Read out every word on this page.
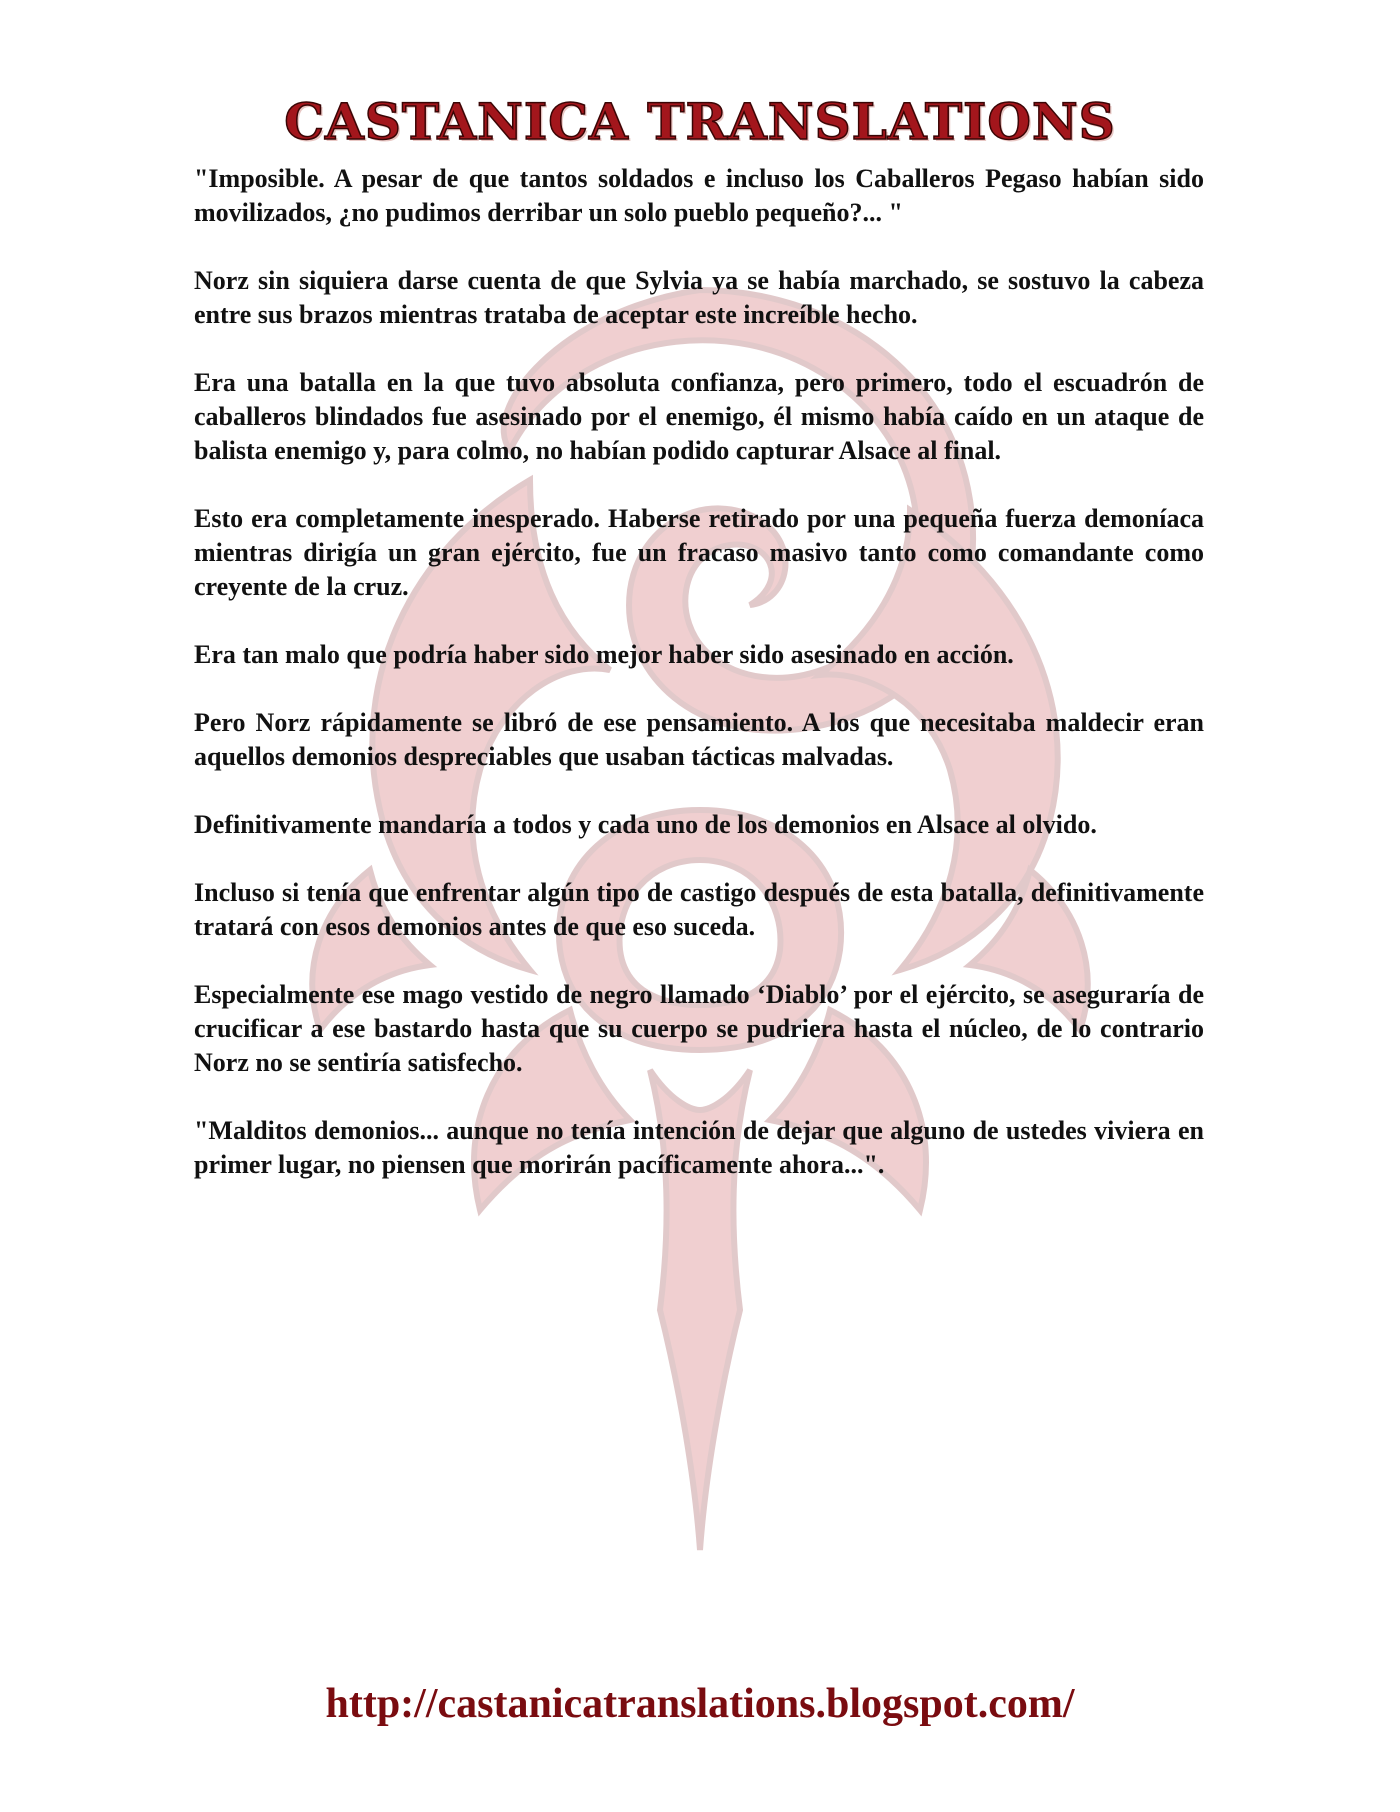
CASTANICA TRANSLATIONS

"Imposible. A pesar de que tantos soldados e incluso los Caballeros Pegaso habían sido movilizados, ¿no pudimos derribar un solo pueblo pequeño?... "

Norz sin siquiera darse cuenta de que Sylvia ya se había marchado, se sostuvo la cabeza entre sus brazos mientras trataba de aceptar este increíble hecho.

Era una batalla en la que tuvo absoluta confianza, pero primero, todo el escuadrón de caballeros blindados fue asesinado por el enemigo, él mismo había caído en un ataque de balista enemigo y, para colmo, no habían podido capturar Alsace al final.

Esto era completamente inesperado. Haberse retirado por una pequeña fuerza demoníaca mientras dirigía un gran ejército, fue un fracaso masivo tanto como comandante como creyente de la cruz.

Era tan malo que podría haber sido mejor haber sido asesinado en acción.

Pero Norz rápidamente se libró de ese pensamiento. A los que necesitaba maldecir eran aquellos demonios despreciables que usaban tácticas malvadas.

Definitivamente mandaría a todos y cada uno de los demonios en Alsace al olvido.

Incluso si tenía que enfrentar algún tipo de castigo después de esta batalla, definitivamente tratará con esos demonios antes de que eso suceda.

Especialmente ese mago vestido de negro llamado ‘Diablo’ por el ejército, se aseguraría de crucificar a ese bastardo hasta que su cuerpo se pudriera hasta el núcleo, de lo contrario Norz no se sentiría satisfecho.

"Malditos demonios... aunque no tenía intención de dejar que alguno de ustedes viviera en primer lugar, no piensen que morirán pacíficamente ahora...".

http://castanicatranslations.blogspot.com/
